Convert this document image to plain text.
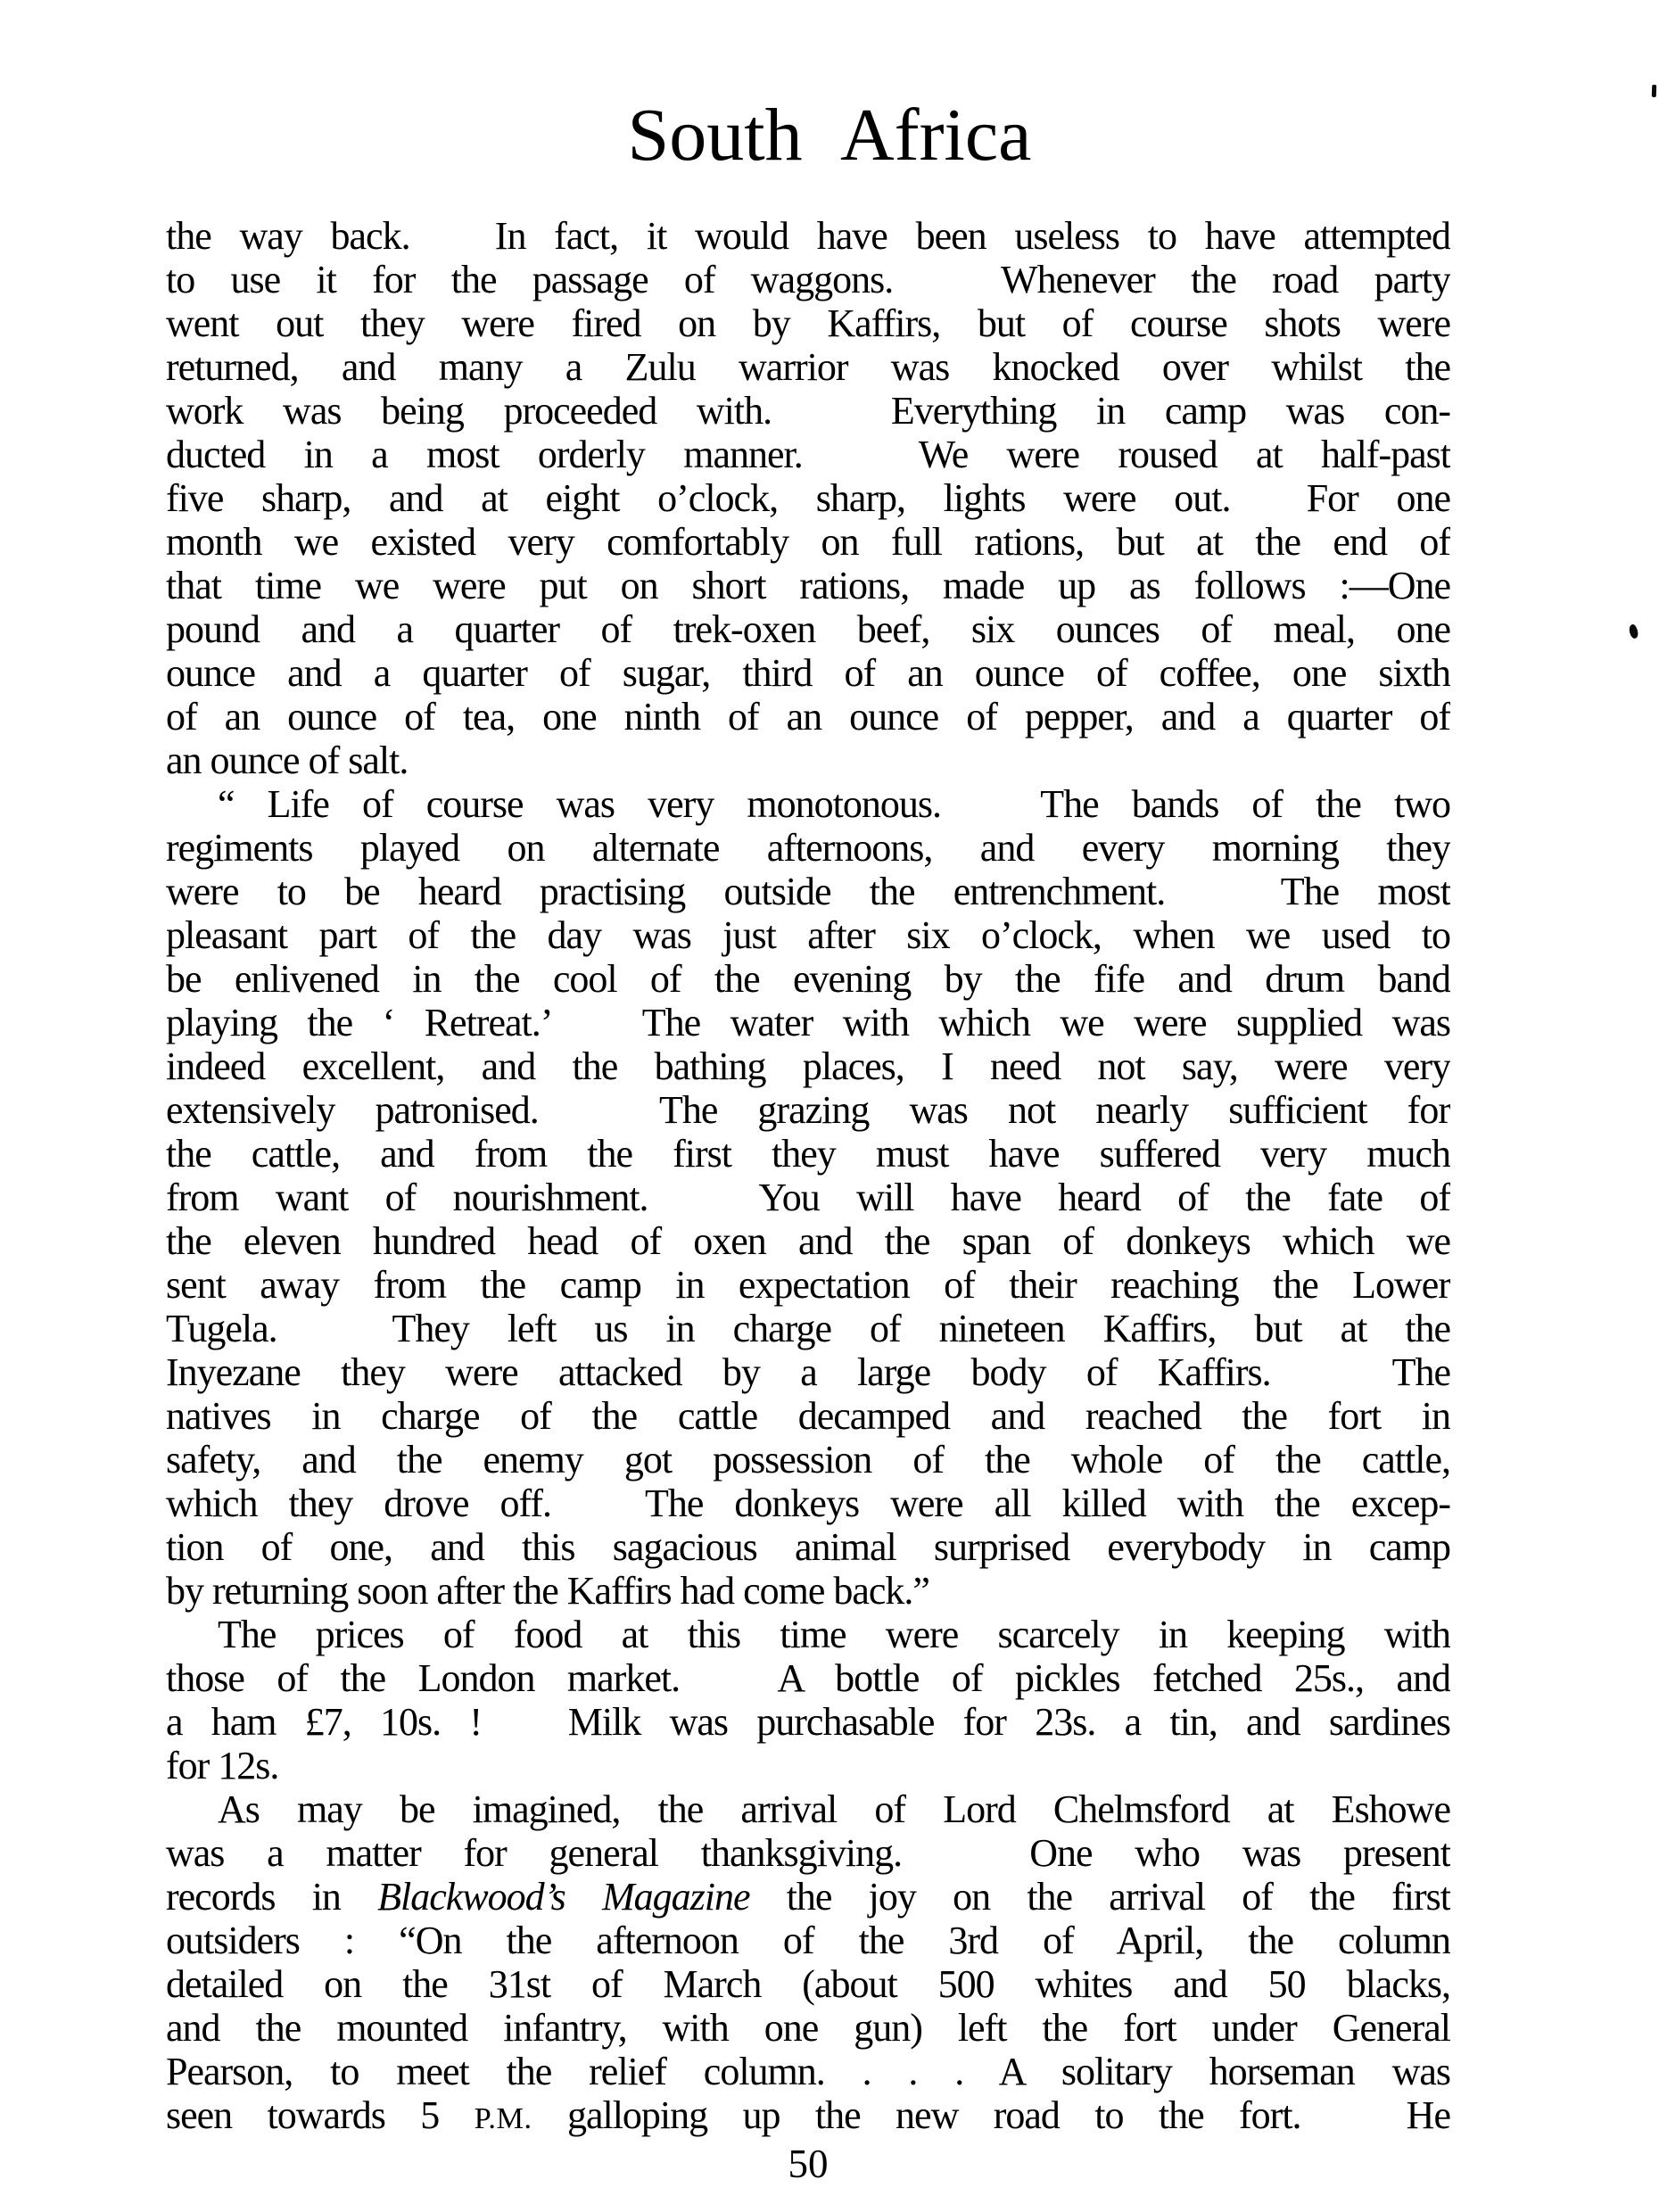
South Africa
the way back.   In fact, it would have been useless to have attempted
to use it for the passage of waggons.   Whenever the road party
went out they were fired on by Kaffirs, but of course shots were
returned, and many a Zulu warrior was knocked over whilst the
work was being proceeded with.   Everything in camp was con-
ducted in a most orderly manner.   We were roused at half-past
five sharp, and at eight o’clock, sharp, lights were out.  For one
month we existed very comfortably on full rations, but at the end of
that time we were put on short rations, made up as follows :—One
pound and a quarter of trek-oxen beef, six ounces of meal, one
ounce and a quarter of sugar, third of an ounce of coffee, one sixth
of an ounce of tea, one ninth of an ounce of pepper, and a quarter of
an ounce of salt.
“ Life of course was very monotonous.   The bands of the two
regiments played on alternate afternoons, and every morning they
were to be heard practising outside the entrenchment.   The most
pleasant part of the day was just after six o’clock, when we used to
be enlivened in the cool of the evening by the fife and drum band
playing the ‘ Retreat.’   The water with which we were supplied was
indeed excellent, and the bathing places, I need not say, were very
extensively patronised.   The grazing was not nearly sufficient for
the cattle, and from the first they must have suffered very much
from want of nourishment.   You will have heard of the fate of
the eleven hundred head of oxen and the span of donkeys which we
sent away from the camp in expectation of their reaching the Lower
Tugela.   They left us in charge of nineteen Kaffirs, but at the
Inyezane they were attacked by a large body of Kaffirs.   The
natives in charge of the cattle decamped and reached the fort in
safety, and the enemy got possession of the whole of the cattle,
which they drove off.   The donkeys were all killed with the excep-
tion of one, and this sagacious animal surprised everybody in camp
by returning soon after the Kaffirs had come back.”
The prices of food at this time were scarcely in keeping with
those of the London market.   A bottle of pickles fetched 25s., and
a ham £7, 10s. !   Milk was purchasable for 23s. a tin, and sardines
for 12s.
As may be imagined, the arrival of Lord Chelmsford at Eshowe
was a matter for general thanksgiving.   One who was present
records in Blackwood’s Magazine the joy on the arrival of the first
outsiders : “On the afternoon of the 3rd of April, the column
detailed on the 31st of March (about 500 whites and 50 blacks,
and the mounted infantry, with one gun) left the fort under General
Pearson, to meet the relief column. . . . A solitary horseman was
seen towards 5 P.M. galloping up the new road to the fort.   He
50
